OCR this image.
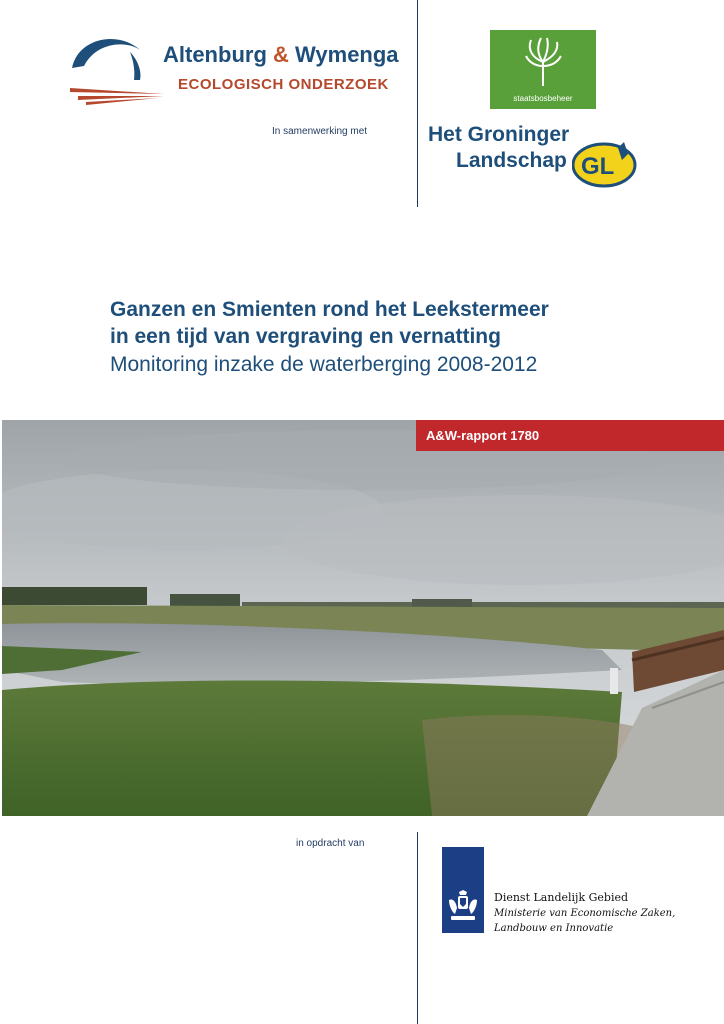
Altenburg & Wymenga
ECOLOGISCH ONDERZOEK
In samenwerking met
staatsbosbeheer
Het Groninger
Landschap GL
Ganzen en Smienten rond het Leekstermeer
in een tijd van vergraving en vernatting
Monitoring inzake de waterberging 2008-2012
A&W-rapport 1780
in opdracht van
Dienst Landelijk Gebied
Ministerie van Economische Zaken,
Landbouw en Innovatie
